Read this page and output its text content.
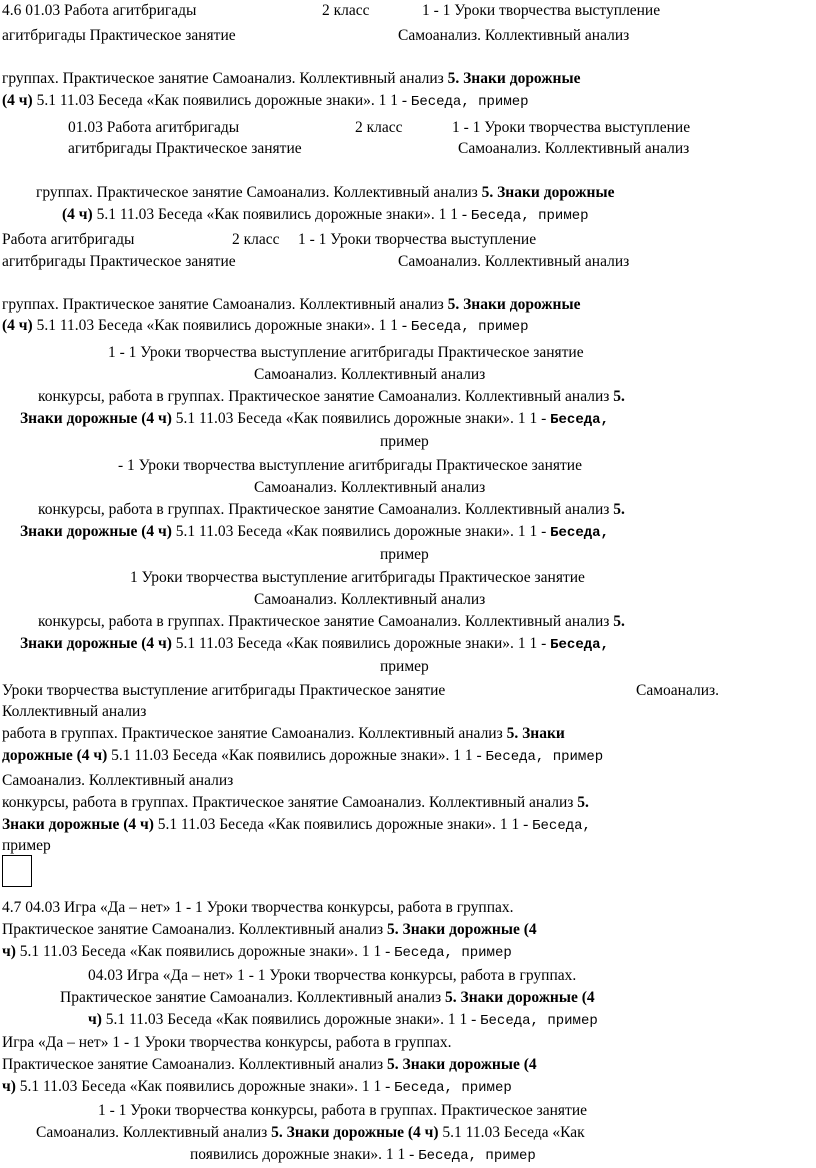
4.6 01.03 Работа агитбригады	2 класс	1 - 1 Уроки творчества выступление
агитбригады Практическое занятие	Самоанализ. Коллективный анализ
группах. Практическое занятие Самоанализ. Коллективный анализ 5. Знаки дорожные
(4 ч) 5.1 11.03 Беседа «Как появились дорожные знаки». 1 1 - Беседа, пример
01.03 Работа агитбригады	2 класс	1 - 1 Уроки творчества выступление
агитбригады Практическое занятие	Самоанализ. Коллективный анализ
группах. Практическое занятие Самоанализ. Коллективный анализ 5. Знаки дорожные
(4 ч) 5.1 11.03 Беседа «Как появились дорожные знаки». 1 1 - Беседа, пример
Работа агитбригады	2 класс 1 - 1 Уроки творчества выступление
агитбригады Практическое занятие	Самоанализ. Коллективный анализ
группах. Практическое занятие Самоанализ. Коллективный анализ 5. Знаки дорожные
(4 ч) 5.1 11.03 Беседа «Как появились дорожные знаки». 1 1 - Беседа, пример
1 - 1 Уроки творчества выступление агитбригады Практическое занятие
Самоанализ. Коллективный анализ
конкурсы, работа в группах. Практическое занятие Самоанализ. Коллективный анализ 5.
Знаки дорожные (4 ч) 5.1 11.03 Беседа «Как появились дорожные знаки». 1 1 - Беседа,
пример
- 1 Уроки творчества выступление агитбригады Практическое занятие
Самоанализ. Коллективный анализ
конкурсы, работа в группах. Практическое занятие Самоанализ. Коллективный анализ 5.
Знаки дорожные (4 ч) 5.1 11.03 Беседа «Как появились дорожные знаки». 1 1 - Беседа,
пример
1 Уроки творчества выступление агитбригады Практическое занятие
Самоанализ. Коллективный анализ
конкурсы, работа в группах. Практическое занятие Самоанализ. Коллективный анализ 5.
Знаки дорожные (4 ч) 5.1 11.03 Беседа «Как появились дорожные знаки». 1 1 - Беседа,
пример
Уроки творчества выступление агитбригады Практическое занятие	Самоанализ.
Коллективный анализ
работа в группах. Практическое занятие Самоанализ. Коллективный анализ 5. Знаки
дорожные (4 ч) 5.1 11.03 Беседа «Как появились дорожные знаки». 1 1 - Беседа, пример
Самоанализ. Коллективный анализ
конкурсы, работа в группах. Практическое занятие Самоанализ. Коллективный анализ 5.
Знаки дорожные (4 ч) 5.1 11.03 Беседа «Как появились дорожные знаки». 1 1 - Беседа,
пример
4.7 04.03 Игра «Да – нет» 1 - 1 Уроки творчества конкурсы, работа в группах.
Практическое занятие Самоанализ. Коллективный анализ 5. Знаки дорожные (4
ч) 5.1 11.03 Беседа «Как появились дорожные знаки». 1 1 - Беседа, пример
04.03 Игра «Да – нет» 1 - 1 Уроки творчества конкурсы, работа в группах.
Практическое занятие Самоанализ. Коллективный анализ 5. Знаки дорожные (4
ч) 5.1 11.03 Беседа «Как появились дорожные знаки». 1 1 - Беседа, пример
Игра «Да – нет» 1 - 1 Уроки творчества конкурсы, работа в группах.
Практическое занятие Самоанализ. Коллективный анализ 5. Знаки дорожные (4
ч) 5.1 11.03 Беседа «Как появились дорожные знаки». 1 1 - Беседа, пример
1 - 1 Уроки творчества конкурсы, работа в группах. Практическое занятие
Самоанализ. Коллективный анализ 5. Знаки дорожные (4 ч) 5.1 11.03 Беседа «Как
появились дорожные знаки». 1 1 - Беседа, пример
